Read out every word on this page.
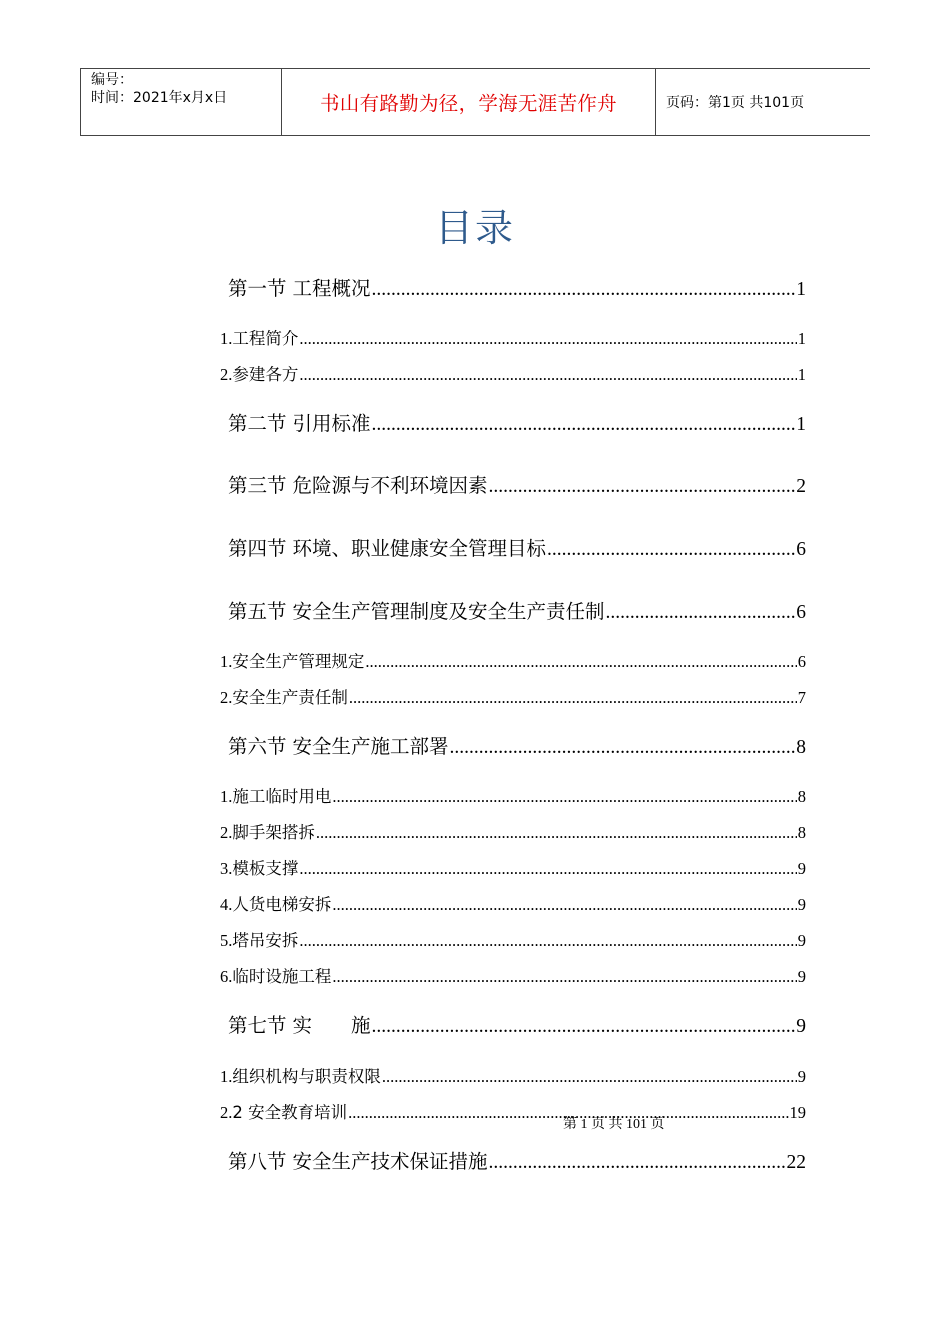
编号：
时间：2021年x月x日	书山有路勤为径，学海无涯苦作舟	页码：第1页 共101页
目录
第一节 工程概况 .....	1
1. 工程简介 .....	1
2. 参建各方 .....	1
第二节 引用标准 .....	1
第三节 危险源与不利环境因素 .....	2
第四节 环境、职业健康安全管理目标 .....	6
第五节 安全生产管理制度及安全生产责任制 .....	6
1. 安全生产管理规定 .....	6
2. 安全生产责任制 .....	7
第六节 安全生产施工部署 .....	8
1. 施工临时用电 .....	8
2. 脚手架搭拆 .....	8
3. 模板支撑 .....	9
4. 人货电梯安拆 .....	9
5. 塔吊安拆 .....	9
6. 临时设施工程 .....	9
第七节 实　　施 .....	9
1. 组织机构与职责权限 .....	9
2. 2 安全教育培训 .....	19
第八节 安全生产技术保证措施 .....	22
第 1 页 共 101 页
